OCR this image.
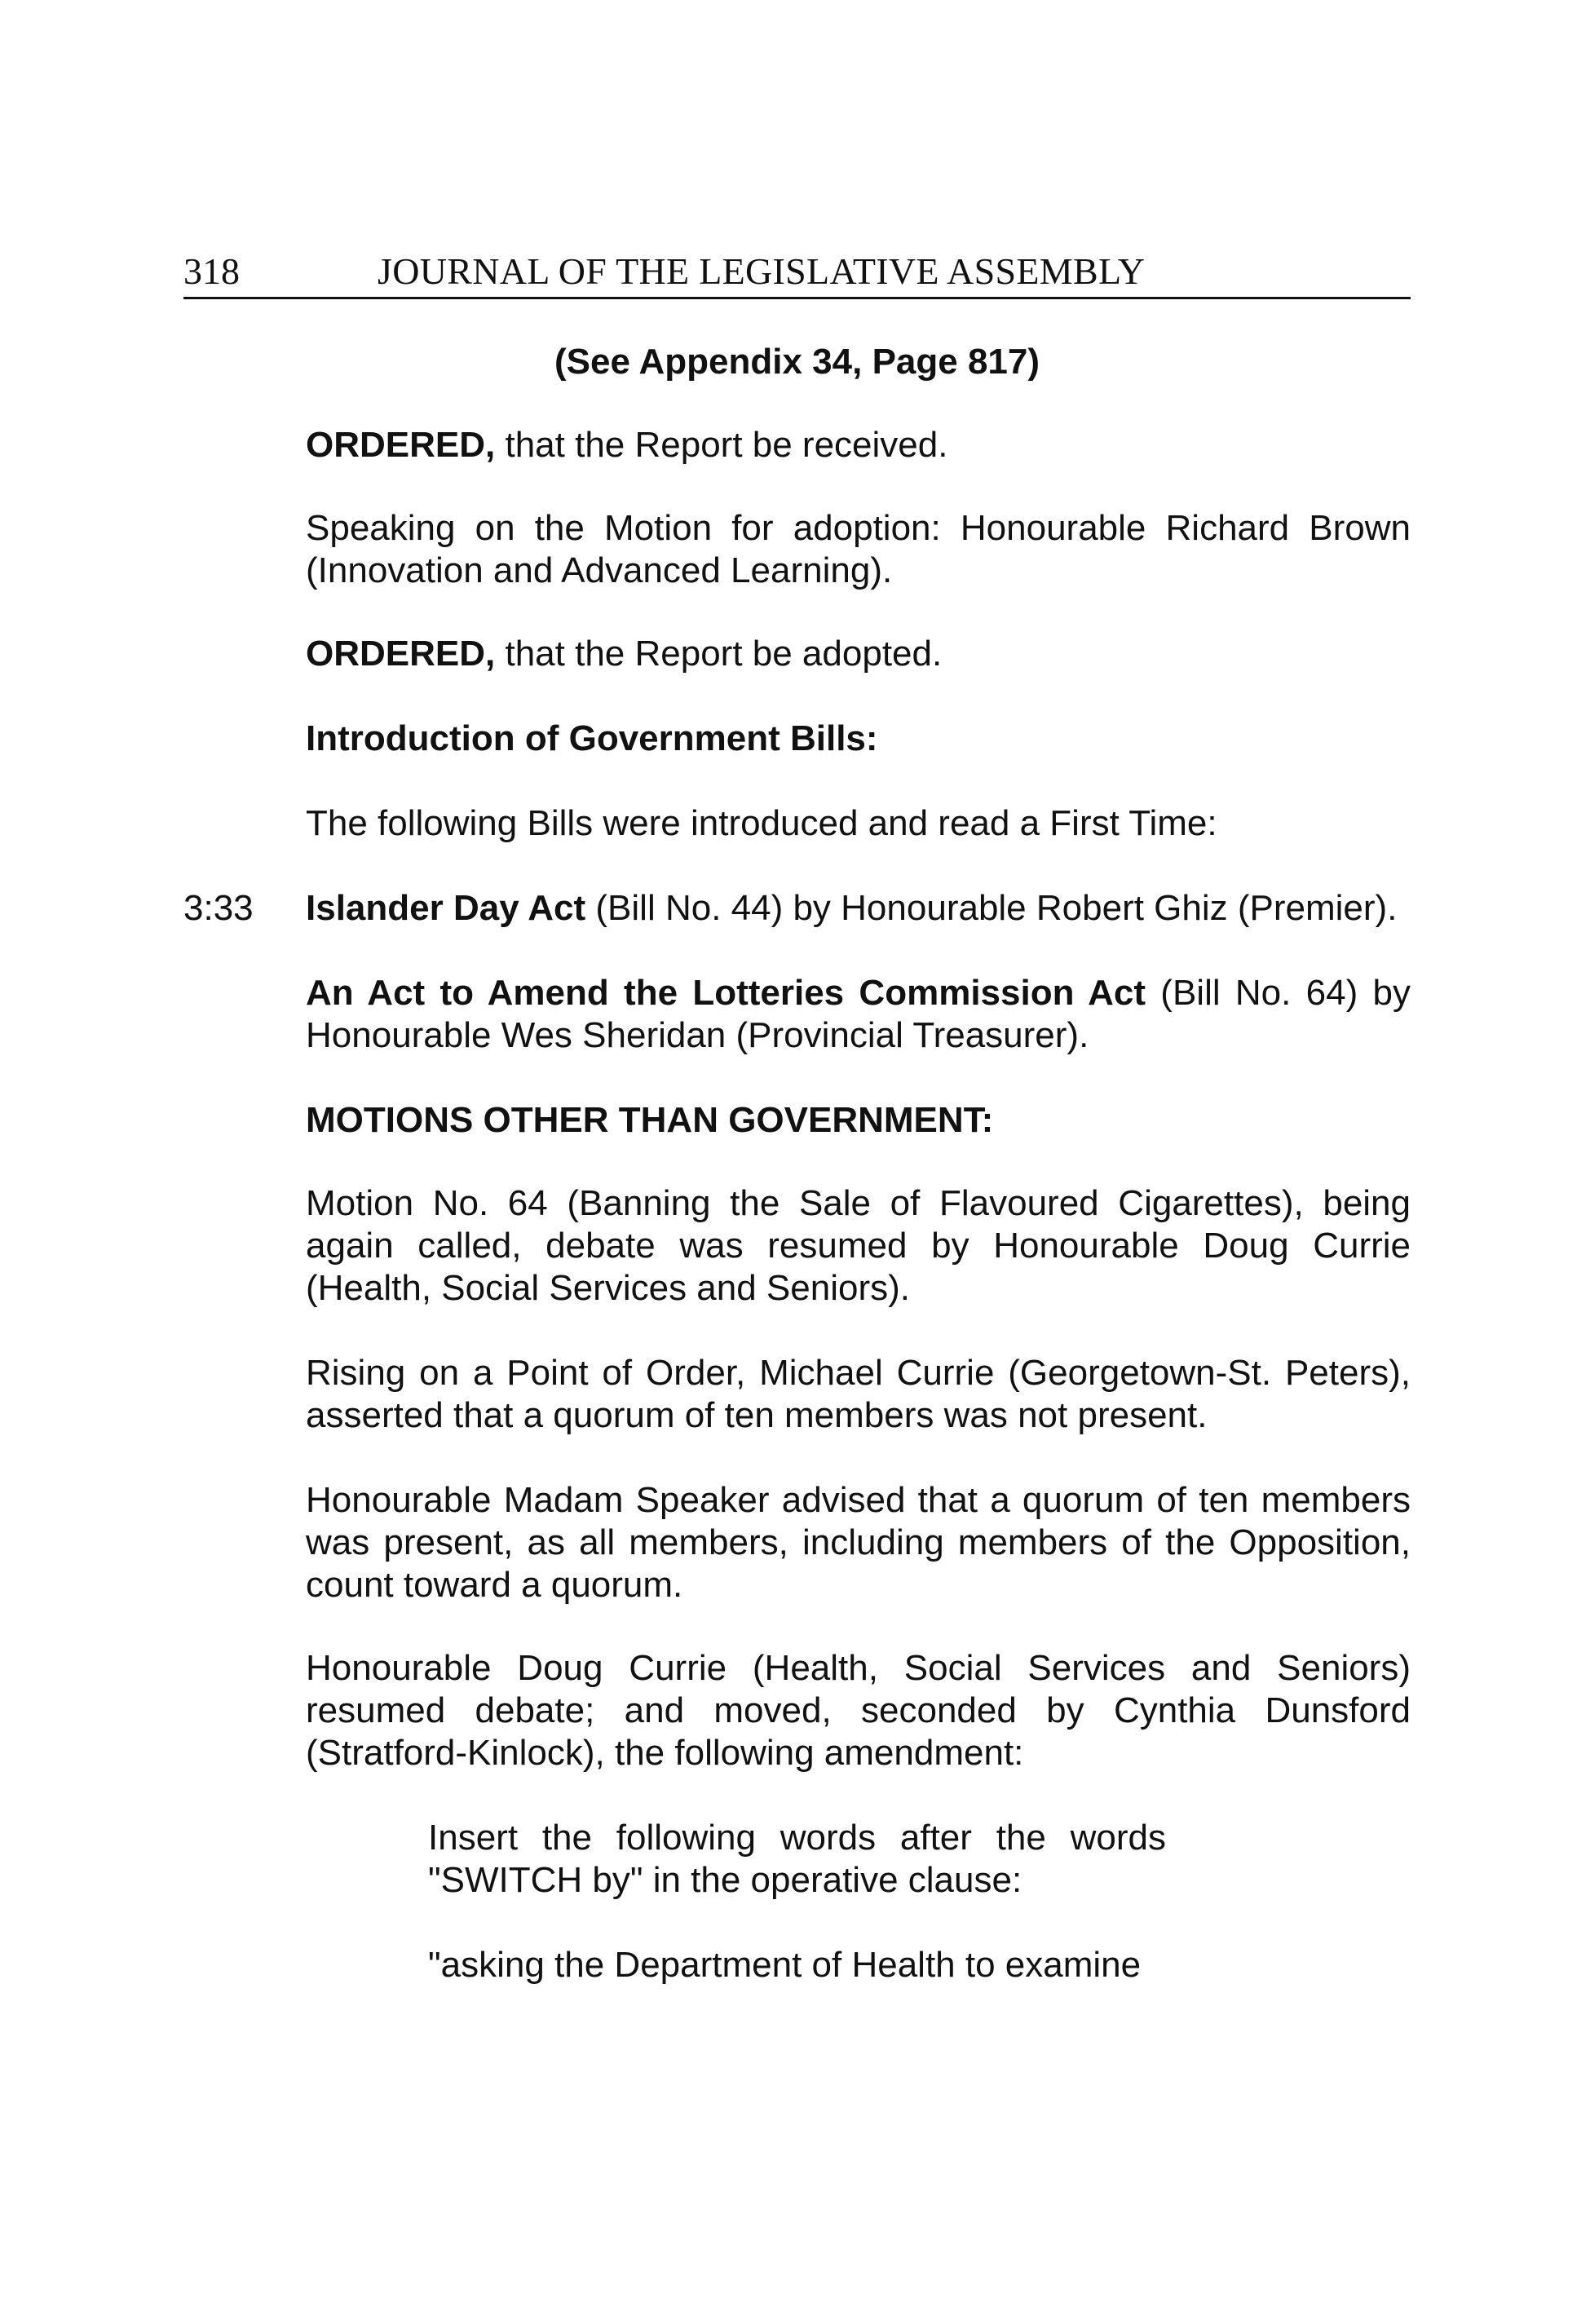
318	JOURNAL OF THE LEGISLATIVE ASSEMBLY

(See Appendix 34, Page 817)

ORDERED, that the Report be received.

Speaking on the Motion for adoption: Honourable Richard Brown (Innovation and Advanced Learning).

ORDERED, that the Report be adopted.

Introduction of Government Bills:

The following Bills were introduced and read a First Time:

3:33 Islander Day Act (Bill No. 44) by Honourable Robert Ghiz (Premier).

An Act to Amend the Lotteries Commission Act (Bill No. 64) by Honourable Wes Sheridan (Provincial Treasurer).

MOTIONS OTHER THAN GOVERNMENT:

Motion No. 64 (Banning the Sale of Flavoured Cigarettes), being again called, debate was resumed by Honourable Doug Currie (Health, Social Services and Seniors).

Rising on a Point of Order, Michael Currie (Georgetown-St. Peters), asserted that a quorum of ten members was not present.

Honourable Madam Speaker advised that a quorum of ten members was present, as all members, including members of the Opposition, count toward a quorum.

Honourable Doug Currie (Health, Social Services and Seniors) resumed debate; and moved, seconded by Cynthia Dunsford (Stratford-Kinlock), the following amendment:

Insert the following words after the words "SWITCH by" in the operative clause:

"asking the Department of Health to examine
